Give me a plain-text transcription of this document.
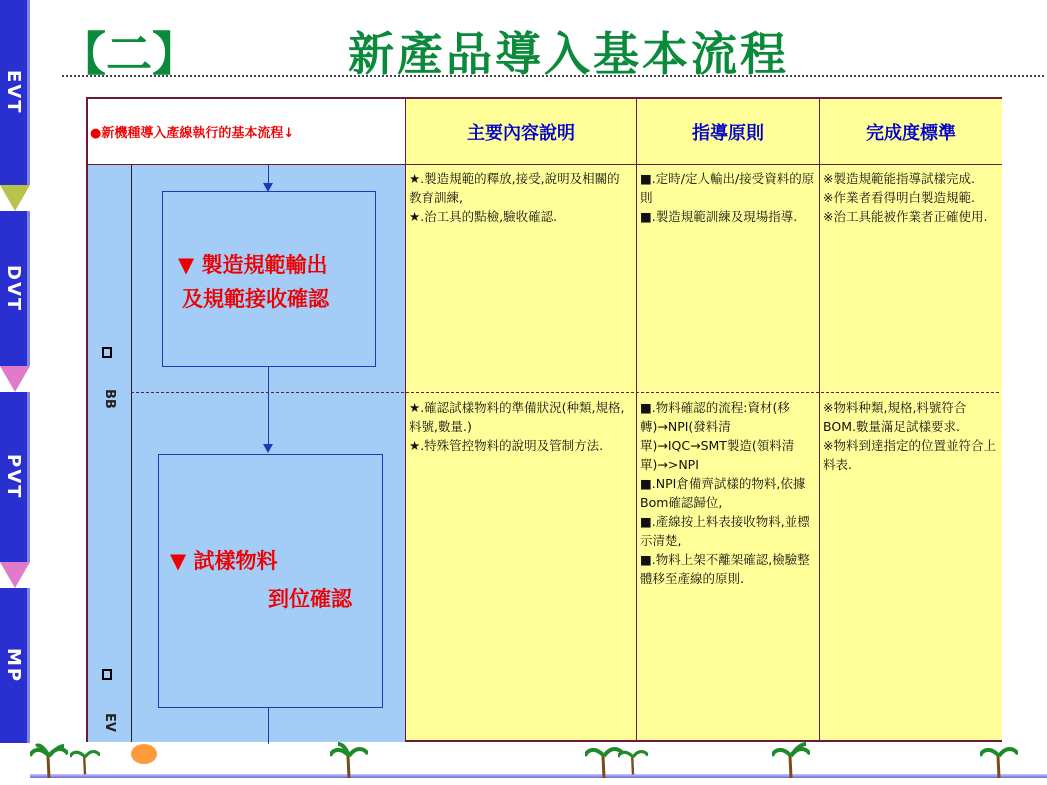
EVT
DVT
PVT
MP
【二】	新產品導入基本流程
●新機種導入產線執行的基本流程↓	主要內容說明	指導原則	完成度標準
▼ 製造規範輸出
及規範接收確認
▼ 試樣物料
到位確認
BB
EV
★.製造規範的釋放,接受,說明及相關的教育訓練,
★.治工具的點檢,驗收確認.
■.定時/定人輸出/接受資料的原則
■.製造規範訓練及現場指導.
※製造規範能指導試樣完成.
※作業者看得明白製造規範.
※治工具能被作業者正確使用.
★.確認試樣物料的準備狀況(种類,規格,料號,數量.)
★.特殊管控物料的說明及管制方法.
■.物料確認的流程:資材(移轉)→NPI(發料清單)→IQC→SMT製造(領料清單)→>NPI
■.NPI倉備齊試樣的物料,依據Bom確認歸位,
■.產線按上料表接收物料,並標示清楚,
■.物料上架不離架確認,檢驗整體移至產線的原則.
※物料种類,規格,料號符合BOM.數量滿足試樣要求.
※物料到達指定的位置並符合上料表.
